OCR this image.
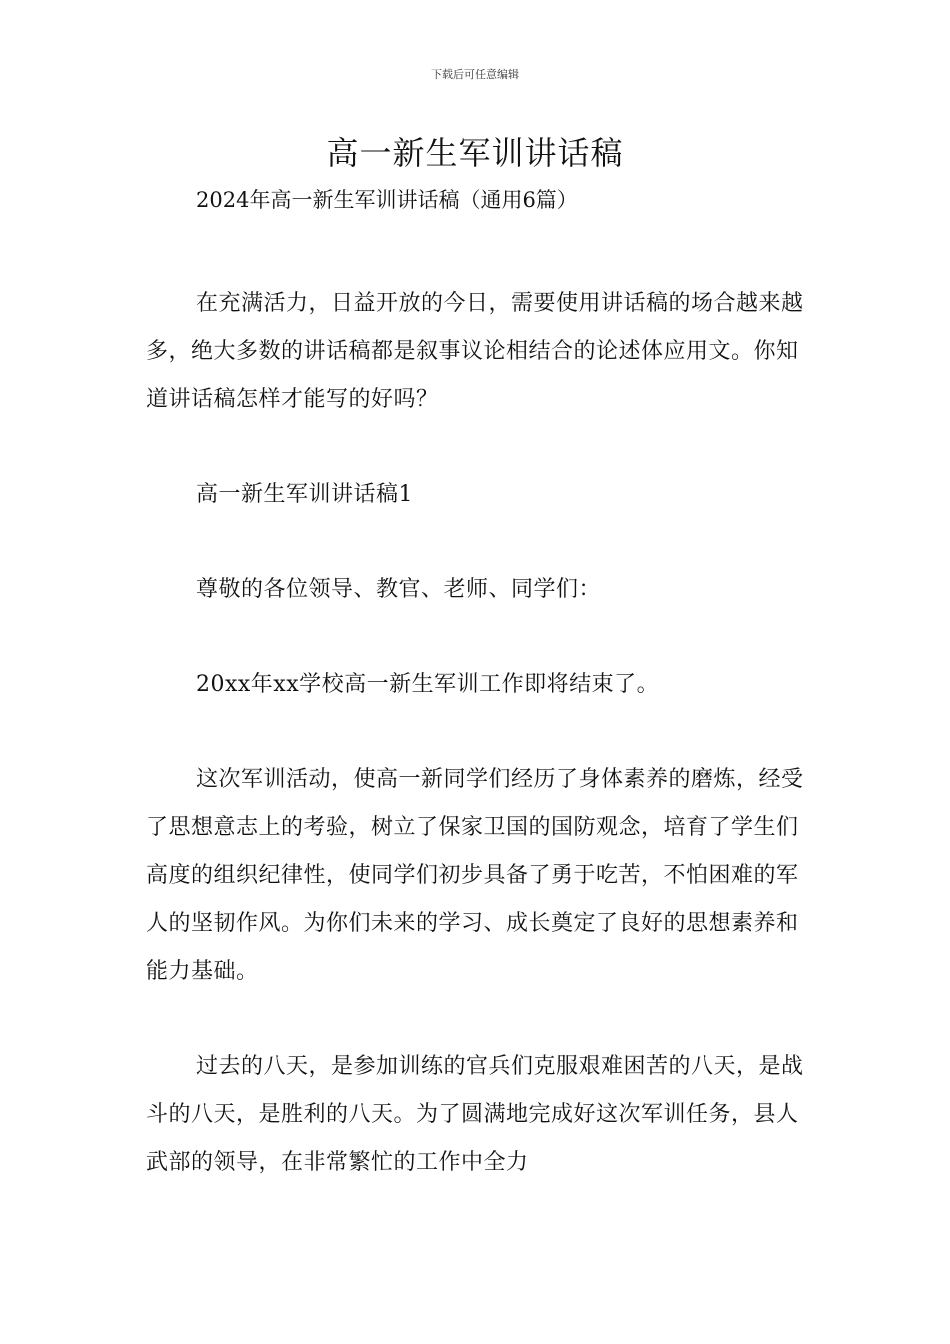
下载后可任意编辑
高一新生军训讲话稿
2024年高一新生军训讲话稿（通用6篇）

在充满活力，日益开放的今日，需要使用讲话稿的场合越来越多，绝大多数的讲话稿都是叙事议论相结合的论述体应用文。你知道讲话稿怎样才能写的好吗？

高一新生军训讲话稿1

尊敬的各位领导、教官、老师、同学们：

20xx年xx学校高一新生军训工作即将结束了。

这次军训活动，使高一新同学们经历了身体素养的磨炼，经受了思想意志上的考验，树立了保家卫国的国防观念，培育了学生们高度的组织纪律性，使同学们初步具备了勇于吃苦，不怕困难的军人的坚韧作风。为你们未来的学习、成长奠定了良好的思想素养和能力基础。

过去的八天，是参加训练的官兵们克服艰难困苦的八天，是战斗的八天，是胜利的八天。为了圆满地完成好这次军训任务，县人武部的领导，在非常繁忙的工作中全力
